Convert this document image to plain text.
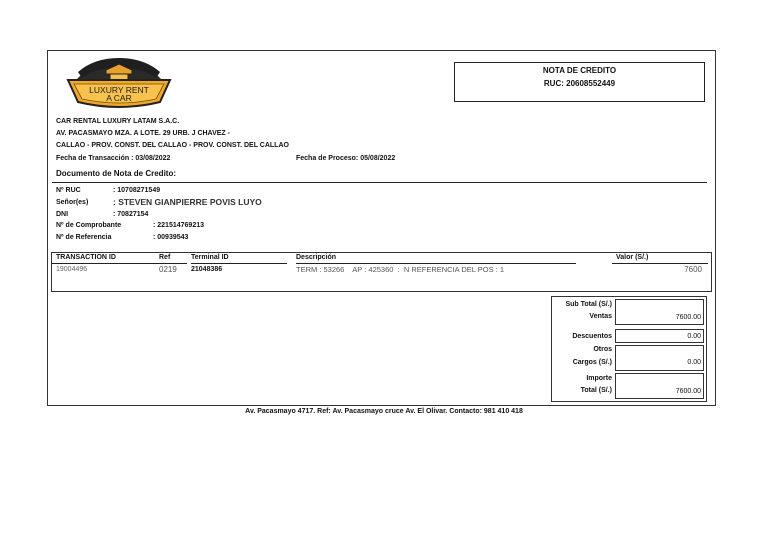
LUXURY RENT
A CAR
NOTA DE CREDITO
RUC: 20608552449
CAR RENTAL LUXURY LATAM S.A.C.
AV. PACASMAYO MZA. A LOTE. 29 URB. J CHAVEZ -
CALLAO - PROV. CONST. DEL CALLAO - PROV. CONST. DEL CALLAO
Fecha de Transacción : 03/08/2022	Fecha de Proceso: 05/08/2022
Documento de Nota de Credito:
Nº RUC	: 10708271549
Señor(es)	: STEVEN GIANPIERRE POVIS LUYO
DNI	: 70827154
Nº de Comprobante	: 221514769213
Nº de Referencia	: 00939543
TRANSACTION ID	Ref	Terminal ID	Descripción	Valor (S/.)
19004496	0219 21048386	TERM : 53266    AP : 425360  :  N REFERENCIA DEL POS : 1	7600
Sub Total (S/.)
Ventas	7600.00
Descuentos	0.00
Otros
Cargos (S/.)	0.00
Importe
Total (S/.)	7600.00
Av. Pacasmayo 4717. Ref: Av. Pacasmayo cruce Av. El Olivar. Contacto: 981 410 418
